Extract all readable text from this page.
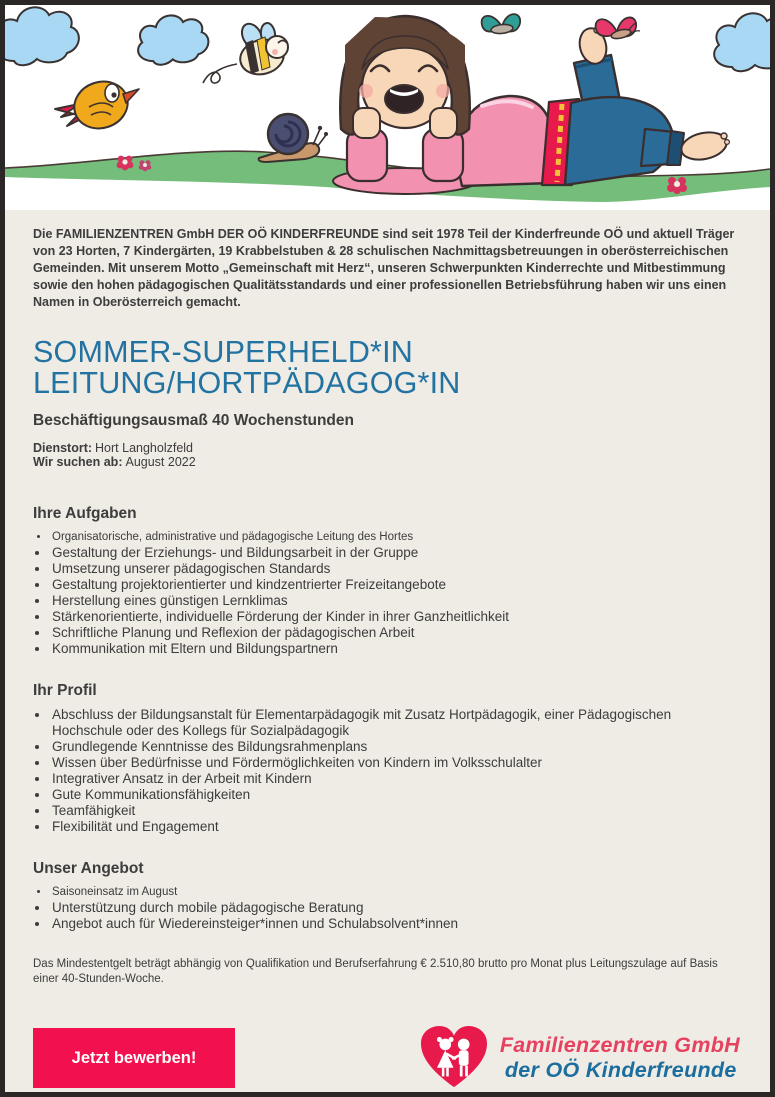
Die FAMILIENZENTREN GmbH DER OÖ KINDERFREUNDE sind seit 1978 Teil der Kinderfreunde OÖ und aktuell Träger von 23 Horten, 7 Kindergärten, 19 Krabbelstuben & 28 schulischen Nachmittagsbetreuungen in oberösterreichischen Gemeinden. Mit unserem Motto „Gemeinschaft mit Herz“, unseren Schwerpunkten Kinderrechte und Mitbestimmung sowie den hohen pädagogischen Qualitätsstandards und einer professionellen Betriebsführung haben wir uns einen Namen in Oberösterreich gemacht.

SOMMER-SUPERHELD*IN
LEITUNG/HORTPÄDAGOG*IN
Beschäftigungsausmaß 40 Wochenstunden
Dienstort: Hort Langholzfeld
Wir suchen ab: August 2022
Ihre Aufgaben
• Organisatorische, administrative und pädagogische Leitung des Hortes
• Gestaltung der Erziehungs- und Bildungsarbeit in der Gruppe
• Umsetzung unserer pädagogischen Standards
• Gestaltung projektorientierter und kindzentrierter Freizeitangebote
• Herstellung eines günstigen Lernklimas
• Stärkenorientierte, individuelle Förderung der Kinder in ihrer Ganzheitlichkeit
• Schriftliche Planung und Reflexion der pädagogischen Arbeit
• Kommunikation mit Eltern und Bildungspartnern
Ihr Profil
• Abschluss der Bildungsanstalt für Elementarpädagogik mit Zusatz Hortpädagogik, einer Pädagogischen Hochschule oder des Kollegs für Sozialpädagogik
• Grundlegende Kenntnisse des Bildungsrahmenplans
• Wissen über Bedürfnisse und Fördermöglichkeiten von Kindern im Volksschulalter
• Integrativer Ansatz in der Arbeit mit Kindern
• Gute Kommunikationsfähigkeiten
• Teamfähigkeit
• Flexibilität und Engagement
Unser Angebot
• Saisoneinsatz im August
• Unterstützung durch mobile pädagogische Beratung
• Angebot auch für Wiedereinsteiger*innen und Schulabsolvent*innen

Das Mindestentgelt beträgt abhängig von Qualifikation und Berufserfahrung € 2.510,80 brutto pro Monat plus Leitungszulage auf Basis einer 40-Stunden-Woche.

Jetzt bewerben!
Familienzentren GmbH
der OÖ Kinderfreunde
